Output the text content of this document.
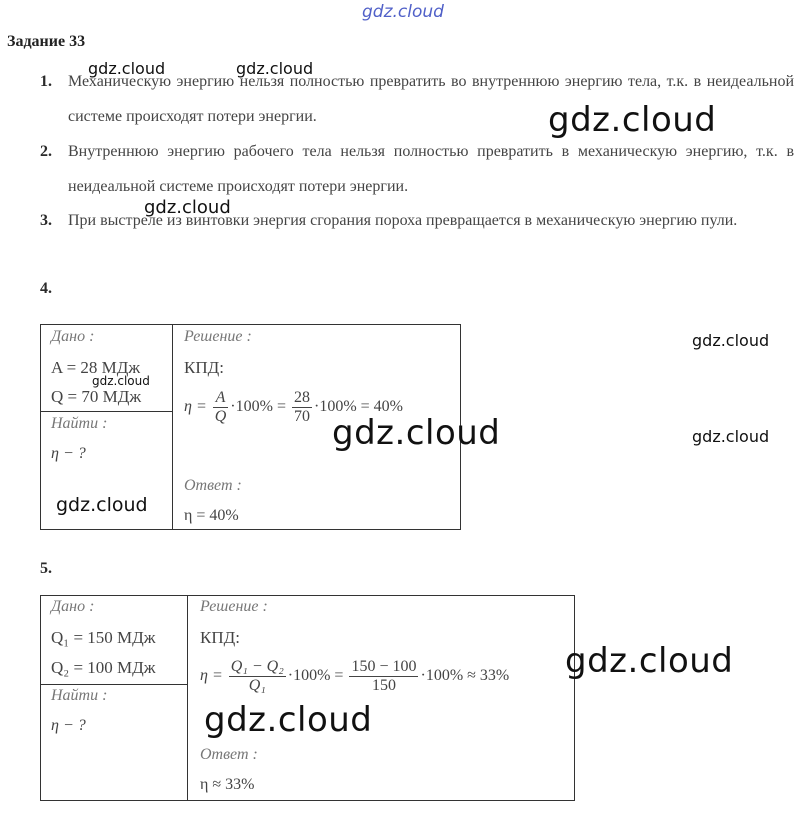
gdz.cloud
Задание 33
1. Механическую энергию нельзя полностью превратить во внутреннюю энергию тела, т.к. в неидеальной системе происходят потери энергии.
2. Внутреннюю энергию рабочего тела нельзя полностью превратить в механическую энергию, т.к. в неидеальной системе происходят потери энергии.
3. При выстреле из винтовки энергия сгорания пороха превращается в механическую энергию пули.
4.
Дано :
A = 28 МДж
Q = 70 МДж

Решение :
КПД:
$\eta = \frac{A}{Q} \cdot 100\% = \frac{28}{70} \cdot 100\% = 40\%$
Ответ :
η = 40%

Найти :
η − ?
5.
Дано :
Q₁ = 150 МДж
Q₂ = 100 МДж

Решение :
КПД:
$\eta = \frac{\text{Q₁ − Q₂}}{\text{Q₁}} \cdot 100\% = \frac{150 - 100}{150} \cdot 100\% \approx 33\%$
Ответ :
η ≈ 33%

Найти :
η − ?
gdz.cloud	gdz.cloud
gdz.cloud
gdz.cloud
gdz.cloud
gdz.cloud
gdz.cloud	gdz.cloud
gdz.cloud
gdz.cloud
gdz.cloud
